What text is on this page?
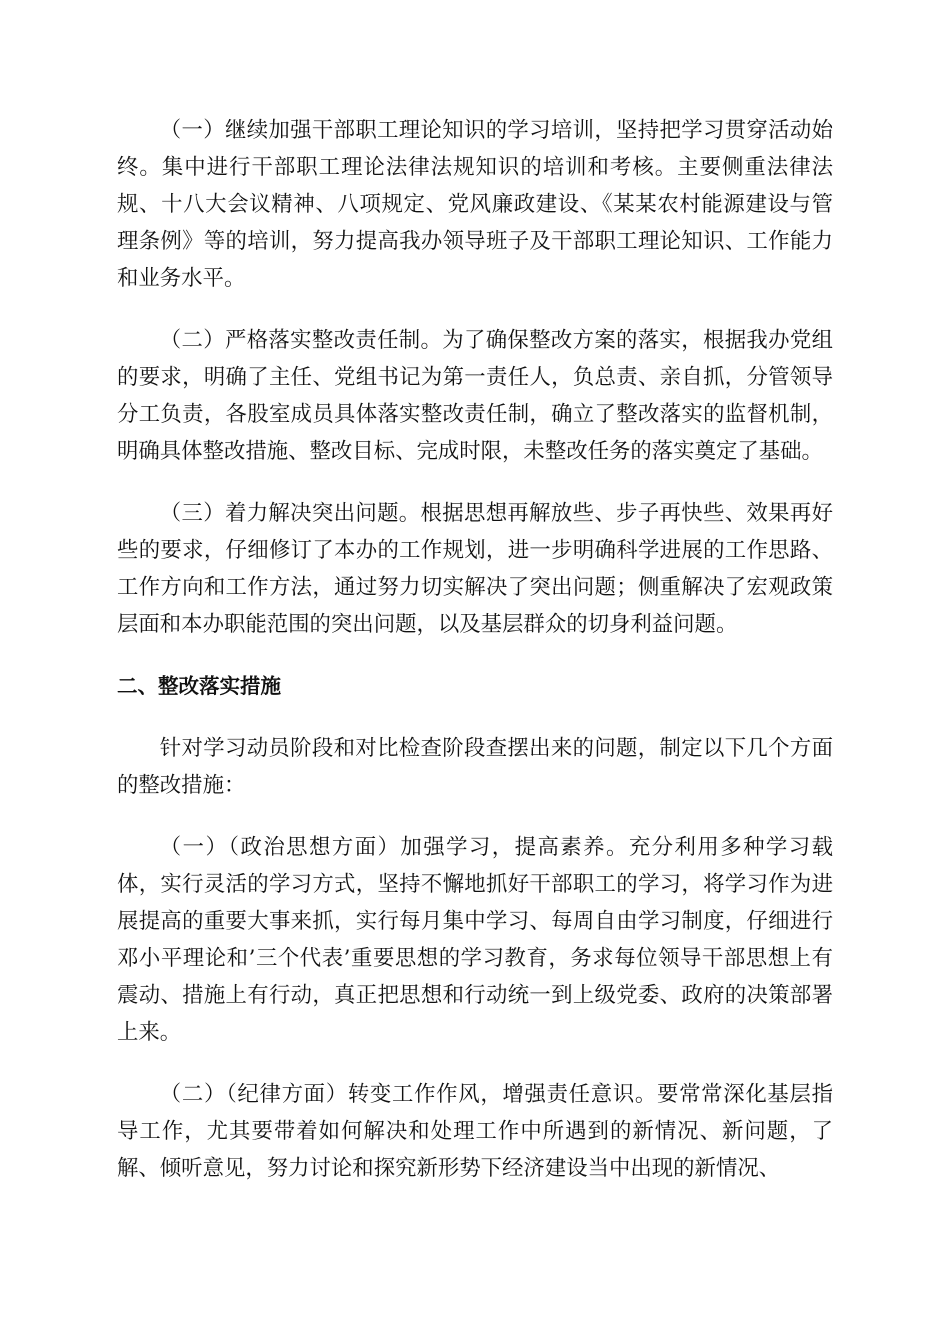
（一）继续加强干部职工理论知识的学习培训，坚持把学习贯穿活动始终。集中进行干部职工理论法律法规知识的培训和考核。主要侧重法律法规、十八大会议精神、八项规定、党风廉政建设、《某某农村能源建设与管理条例》等的培训，努力提高我办领导班子及干部职工理论知识、工作能力和业务水平。

（二）严格落实整改责任制。为了确保整改方案的落实，根据我办党组的要求，明确了主任、党组书记为第一责任人，负总责、亲自抓，分管领导分工负责，各股室成员具体落实整改责任制，确立了整改落实的监督机制，明确具体整改措施、整改目标、完成时限，未整改任务的落实奠定了基础。

（三）着力解决突出问题。根据思想再解放些、步子再快些、效果再好些的要求，仔细修订了本办的工作规划，进一步明确科学进展的工作思路、工作方向和工作方法，通过努力切实解决了突出问题；侧重解决了宏观政策层面和本办职能范围的突出问题，以及基层群众的切身利益问题。

二、整改落实措施

针对学习动员阶段和对比检查阶段查摆出来的问题，制定以下几个方面的整改措施：

（一）（政治思想方面）加强学习，提高素养。充分利用多种学习载体，实行灵活的学习方式，坚持不懈地抓好干部职工的学习，将学习作为进展提高的重要大事来抓，实行每月集中学习、每周自由学习制度，仔细进行邓小平理论和’三个代表’重要思想的学习教育，务求每位领导干部思想上有震动、措施上有行动，真正把思想和行动统一到上级党委、政府的决策部署上来。

（二）（纪律方面）转变工作作风，增强责任意识。要常常深化基层指导工作，尤其要带着如何解决和处理工作中所遇到的新情况、新问题，了解、倾听意见，努力讨论和探究新形势下经济建设当中出现的新情况、
